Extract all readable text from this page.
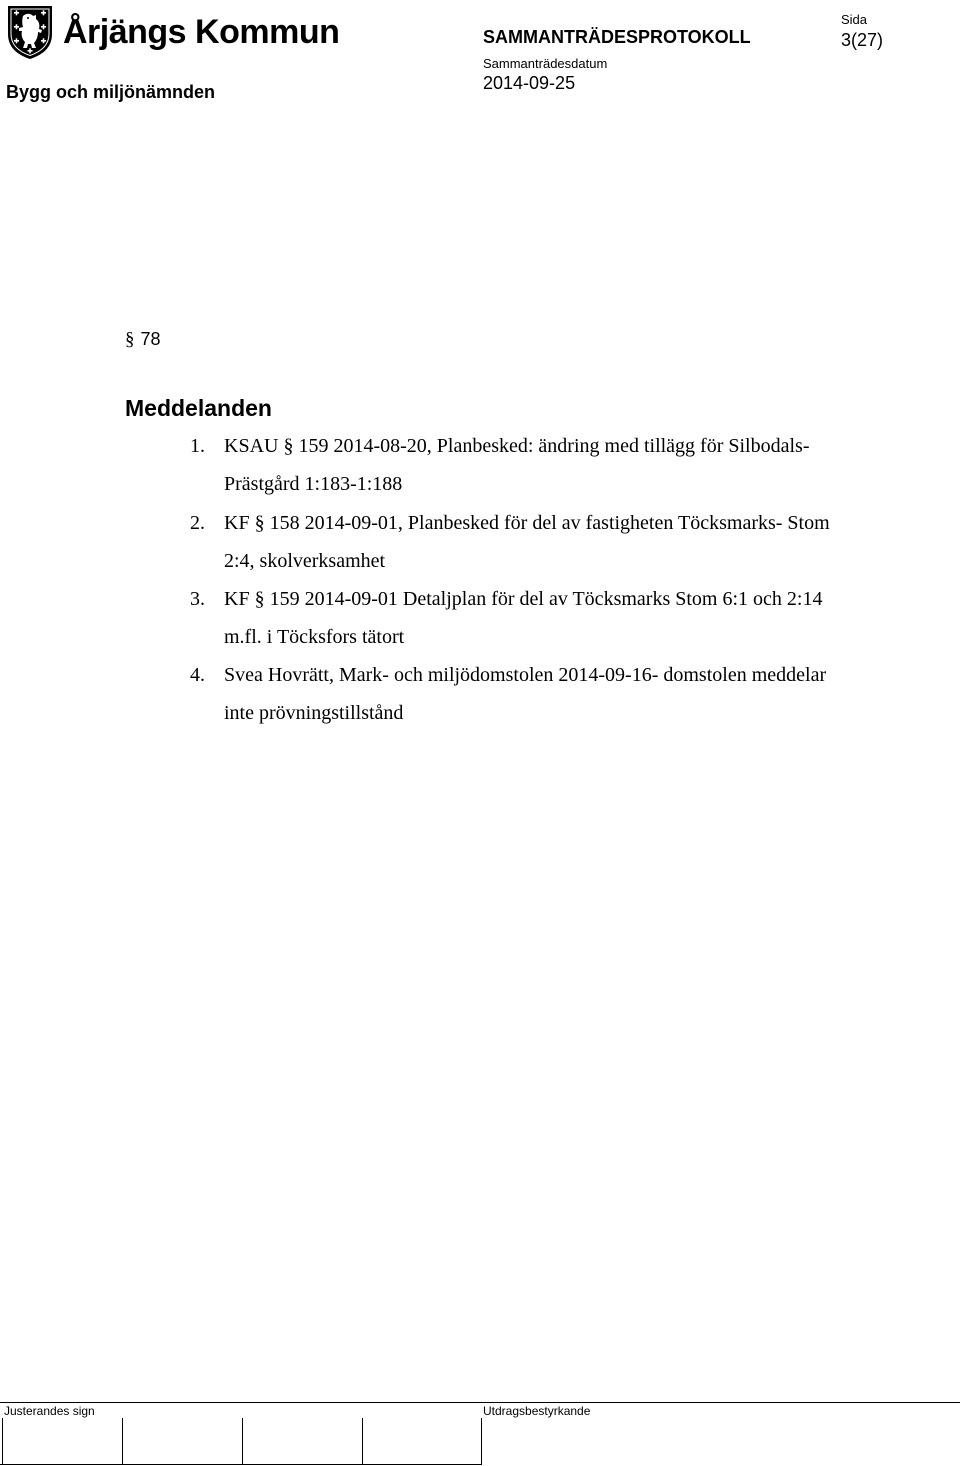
Årjängs Kommun
Bygg och miljönämnden
SAMMANTRÄDESPROTOKOLL
Sammanträdesdatum
2014-09-25
Sida
3(27)
§ 78
Meddelanden
1. KSAU § 159 2014-08-20, Planbesked: ändring med tillägg för Silbodals- Prästgård 1:183-1:188
2. KF § 158 2014-09-01, Planbesked för del av fastigheten Töcksmarks- Stom 2:4, skolverksamhet
3. KF § 159 2014-09-01 Detaljplan för del av Töcksmarks Stom 6:1 och 2:14 m.fl. i Töcksfors tätort
4. Svea Hovrätt, Mark- och miljödomstolen 2014-09-16- domstolen meddelar inte prövningstillstånd
Justerandes sign	Utdragsbestyrkande
